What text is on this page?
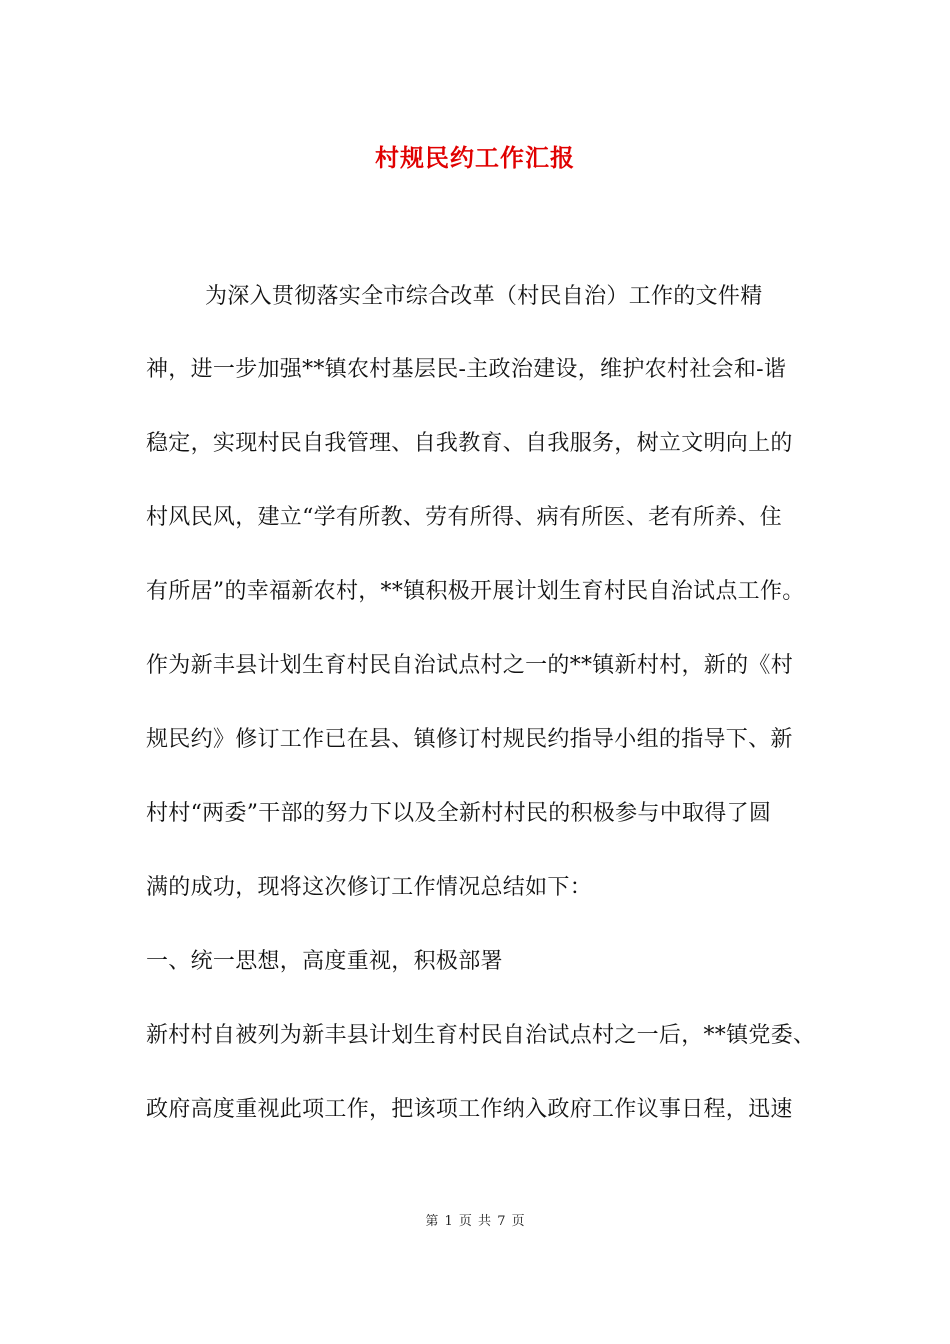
村规民约工作汇报
为深入贯彻落实全市综合改革（村民自治）工作的文件精
神，进一步加强**镇农村基层民-主政治建设，维护农村社会和-谐
稳定，实现村民自我管理、自我教育、自我服务，树立文明向上的
村风民风，建立“学有所教、劳有所得、病有所医、老有所养、住
有所居”的幸福新农村，**镇积极开展计划生育村民自治试点工作。
作为新丰县计划生育村民自治试点村之一的**镇新村村，新的《村
规民约》修订工作已在县、镇修订村规民约指导小组的指导下、新
村村“两委”干部的努力下以及全新村村民的积极参与中取得了圆
满的成功，现将这次修订工作情况总结如下：
一、统一思想，高度重视，积极部署
新村村自被列为新丰县计划生育村民自治试点村之一后，**镇党委、
政府高度重视此项工作，把该项工作纳入政府工作议事日程，迅速
第 1 页 共 7 页
